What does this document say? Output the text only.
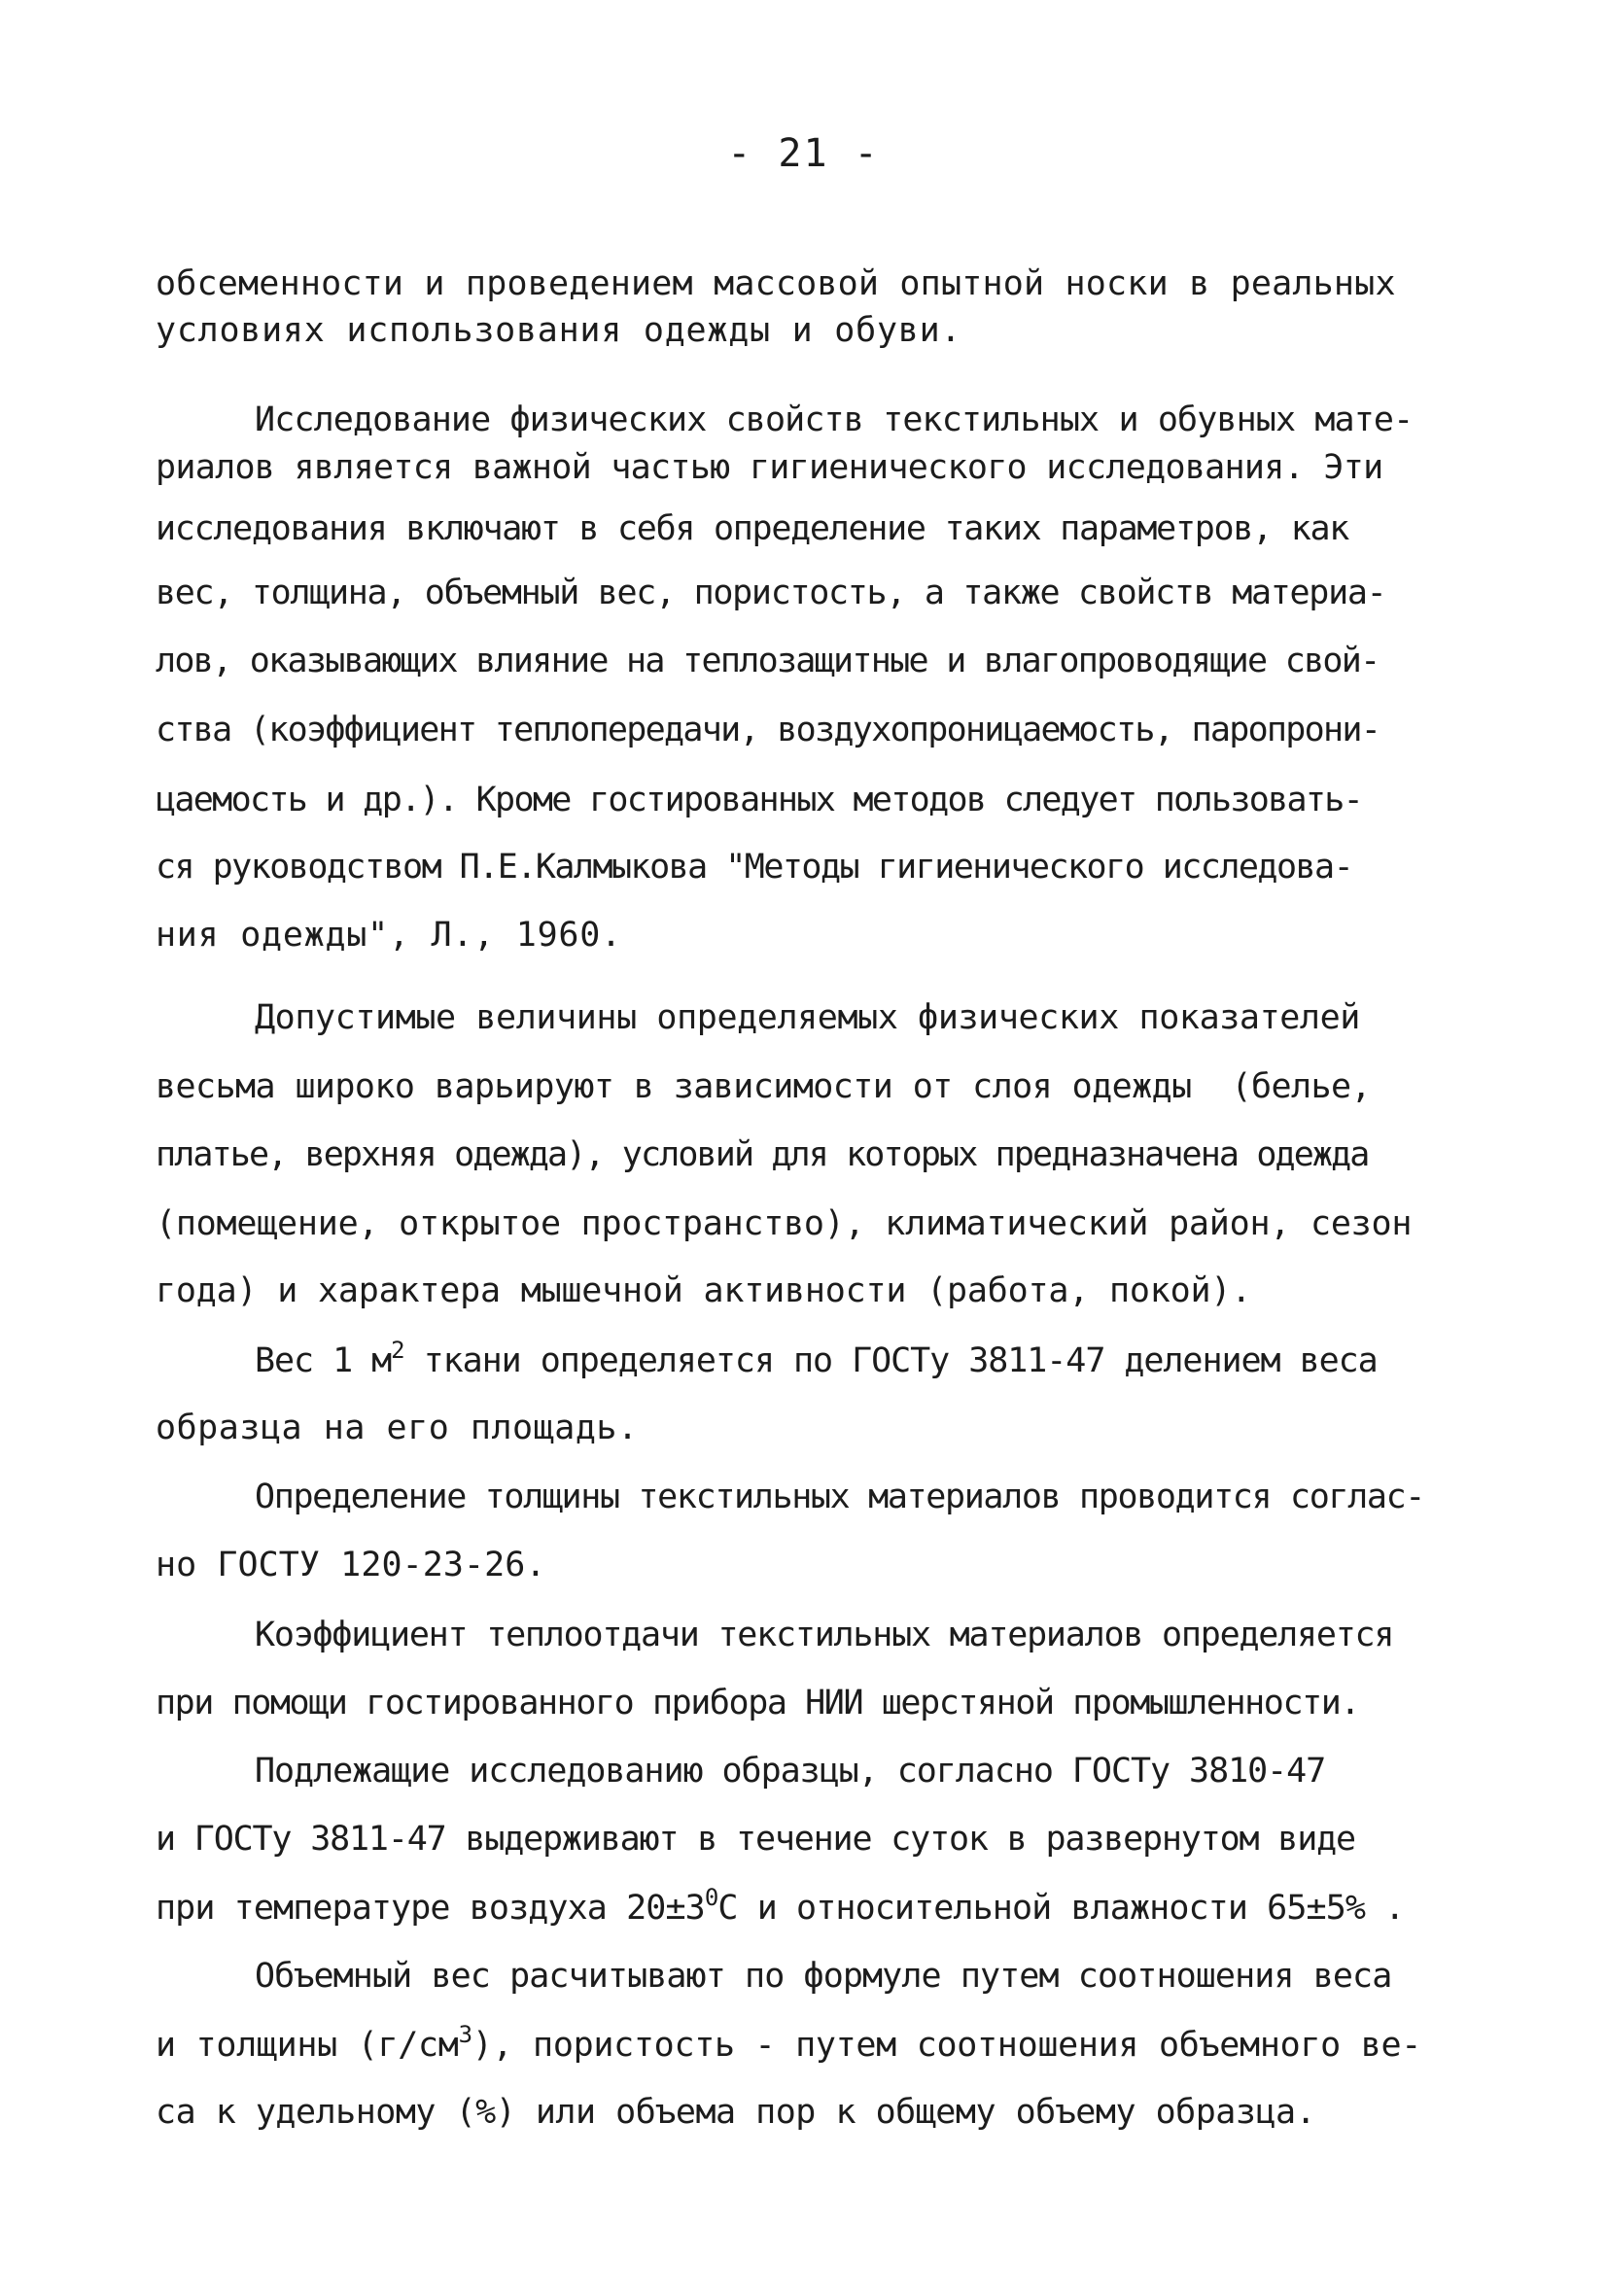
- 21 -
обсеменности и проведением массовой опытной носки в реальных
условиях использования одежды и обуви.
Исследование физических свойств текстильных и обувных мате-
риалов является важной частью гигиенического исследования. Эти
исследования включают в себя определение таких параметров, как
вес, толщина, объемный вес, пористость, а также свойств материа-
лов, оказывающих влияние на теплозащитные и влагопроводящие свой-
ства (коэффициент теплопередачи, воздухопроницаемость, паропрони-
цаемость и др.). Кроме гостированных методов следует пользовать-
ся руководством П.Е.Калмыкова "Методы гигиенического исследова-
ния одежды", Л., 1960.
Допустимые величины определяемых физических показателей
весьма широко варьируют в зависимости от слоя одежды  (белье,
платье, верхняя одежда), условий для которых предназначена одежда
(помещение, открытое пространство), климатический район, сезон
года) и характера мышечной активности (работа, покой).
Вес 1 $м^2$ ткани определяется по ГОСТу 3811-47 делением веса
образца на его площадь.
Определение толщины текстильных материалов проводится соглас-
но ГОСТУ 120-23-26.
Коэффициент теплоотдачи текстильных материалов определяется
при помощи гостированного прибора НИИ шерстяной промышленности.
Подлежащие исследованию образцы, согласно ГОСТу 3810-47
и ГОСТу 3811-47 выдерживают в течение суток в развернутом виде
при температуре воздуха $20\pm 3^0С$ и относительной влажности 65±5% .
Объемный вес расчитывают по формуле путем соотношения веса
и толщины $(г/см^3)$, пористость - путем соотношения объемного ве-
са к удельному (%) или объема пор к общему объему образца.
